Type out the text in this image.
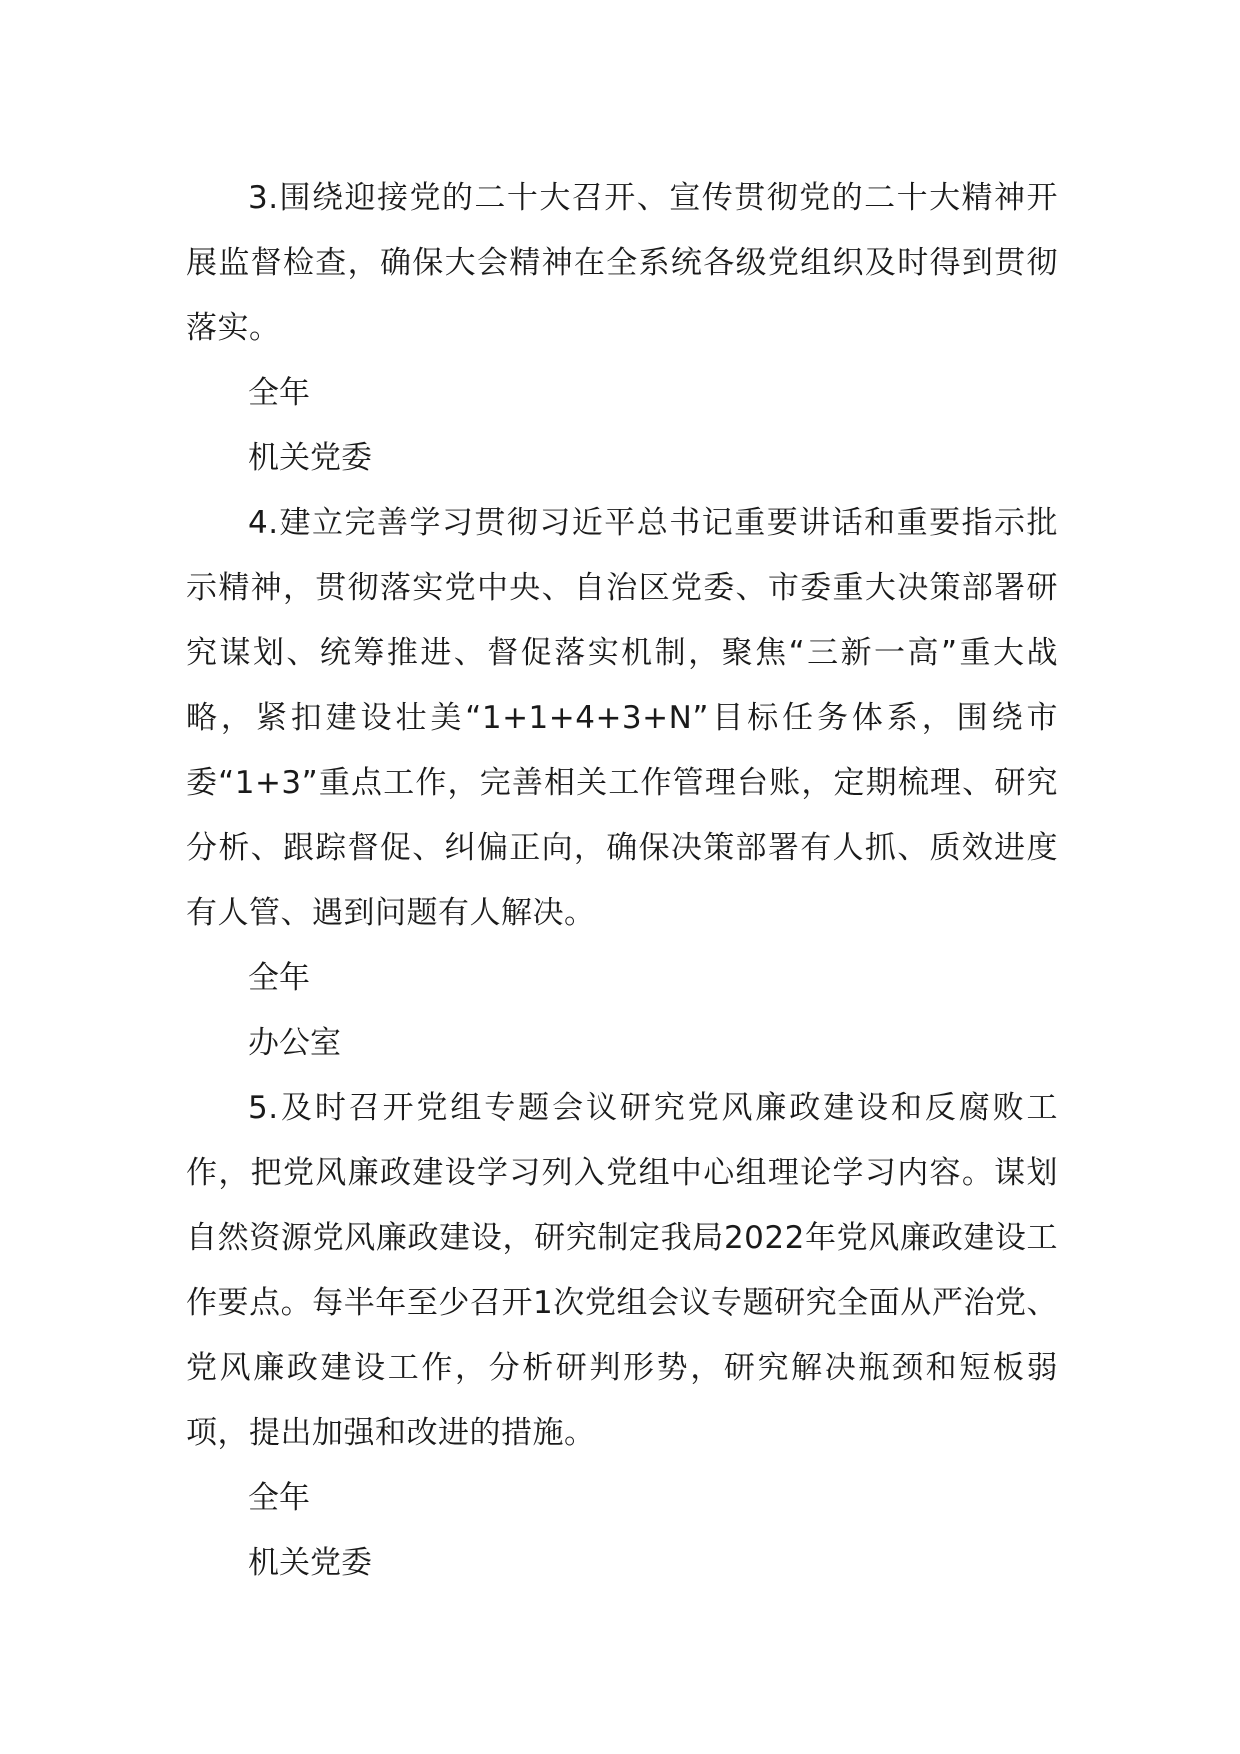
3.围绕迎接党的二十大召开、宣传贯彻党的二十大精神开展监督检查，确保大会精神在全系统各级党组织及时得到贯彻落实。

全年

机关党委

4.建立完善学习贯彻习近平总书记重要讲话和重要指示批示精神，贯彻落实党中央、自治区党委、市委重大决策部署研究谋划、统筹推进、督促落实机制，聚焦“三新一高”重大战略，紧扣建设壮美“1+1+4+3+N”目标任务体系，围绕市委“1+3”重点工作，完善相关工作管理台账，定期梳理、研究分析、跟踪督促、纠偏正向，确保决策部署有人抓、质效进度有人管、遇到问题有人解决。

全年

办公室

5.及时召开党组专题会议研究党风廉政建设和反腐败工作，把党风廉政建设学习列入党组中心组理论学习内容。谋划自然资源党风廉政建设，研究制定我局2022年党风廉政建设工作要点。每半年至少召开1次党组会议专题研究全面从严治党、党风廉政建设工作，分析研判形势，研究解决瓶颈和短板弱项，提出加强和改进的措施。

全年

机关党委
